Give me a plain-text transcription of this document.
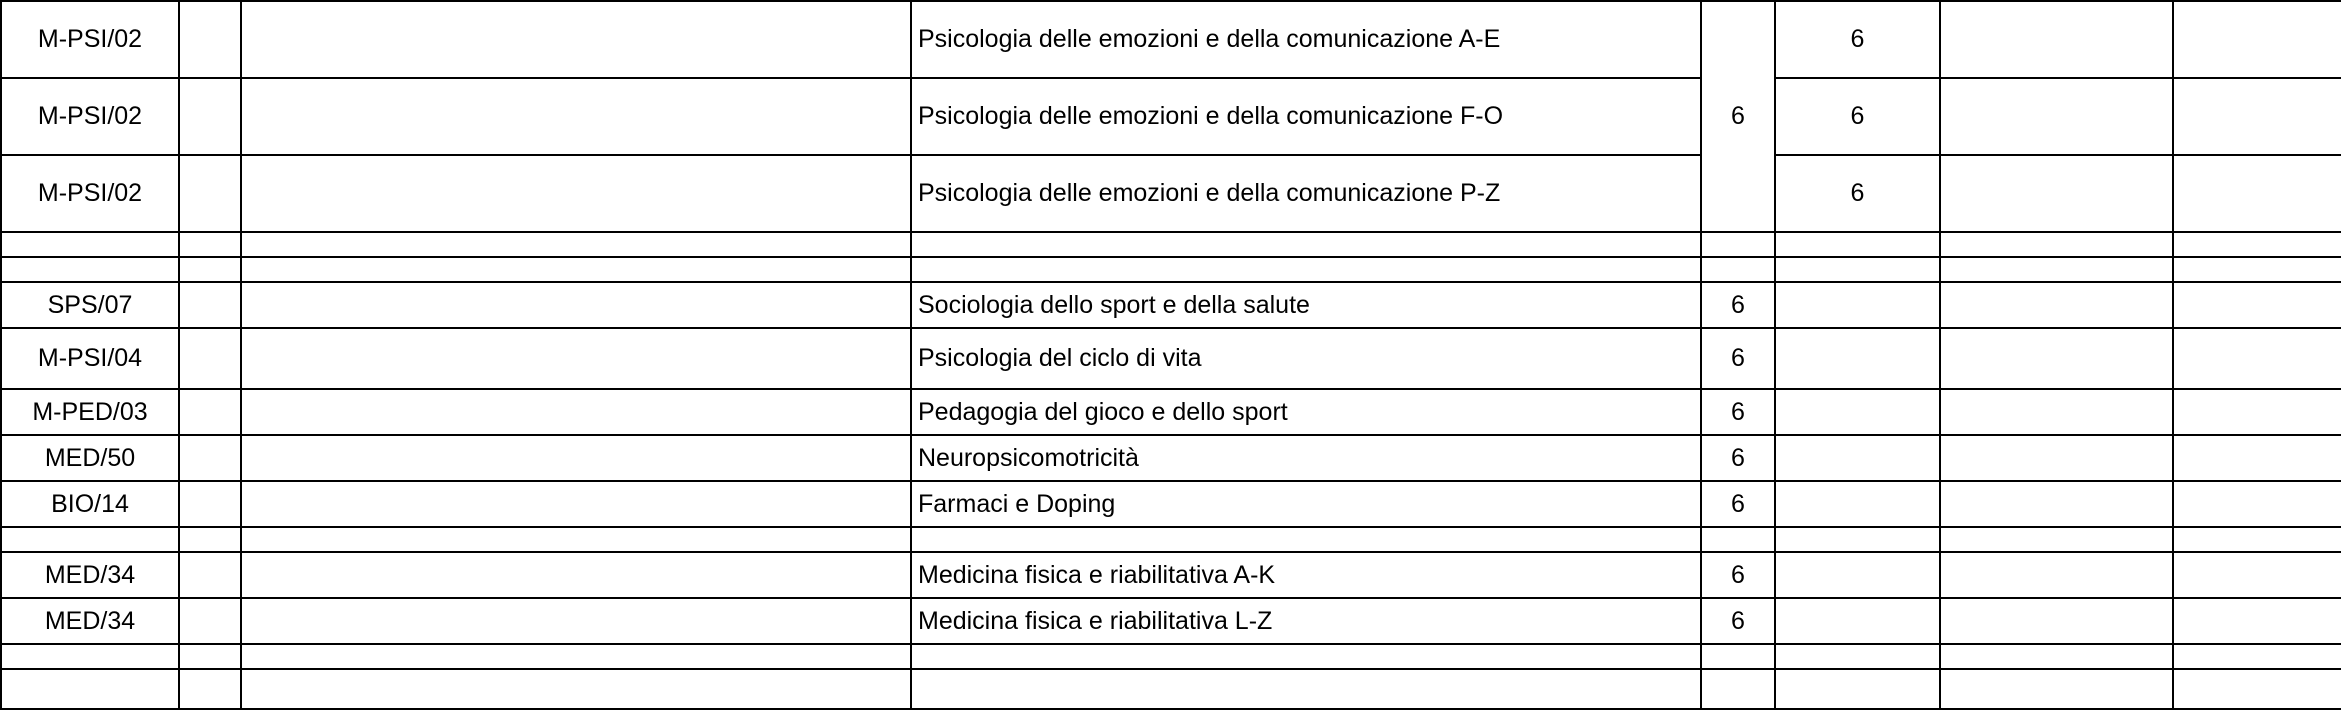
M-PSI/02			Psicologia delle emozioni e della comunicazione A-E	6	6		
M-PSI/02			Psicologia delle emozioni e della comunicazione F-O		6		
M-PSI/02			Psicologia delle emozioni e della comunicazione P-Z		6		

SPS/07			Sociologia dello sport e della salute	6			
M-PSI/04			Psicologia del ciclo di vita	6			
M-PED/03			Pedagogia del gioco e dello sport	6			
MED/50			Neuropsicomotricità	6			
BIO/14			Farmaci e Doping	6			

MED/34			Medicina fisica e riabilitativa A-K	6			
MED/34			Medicina fisica e riabilitativa L-Z	6			
